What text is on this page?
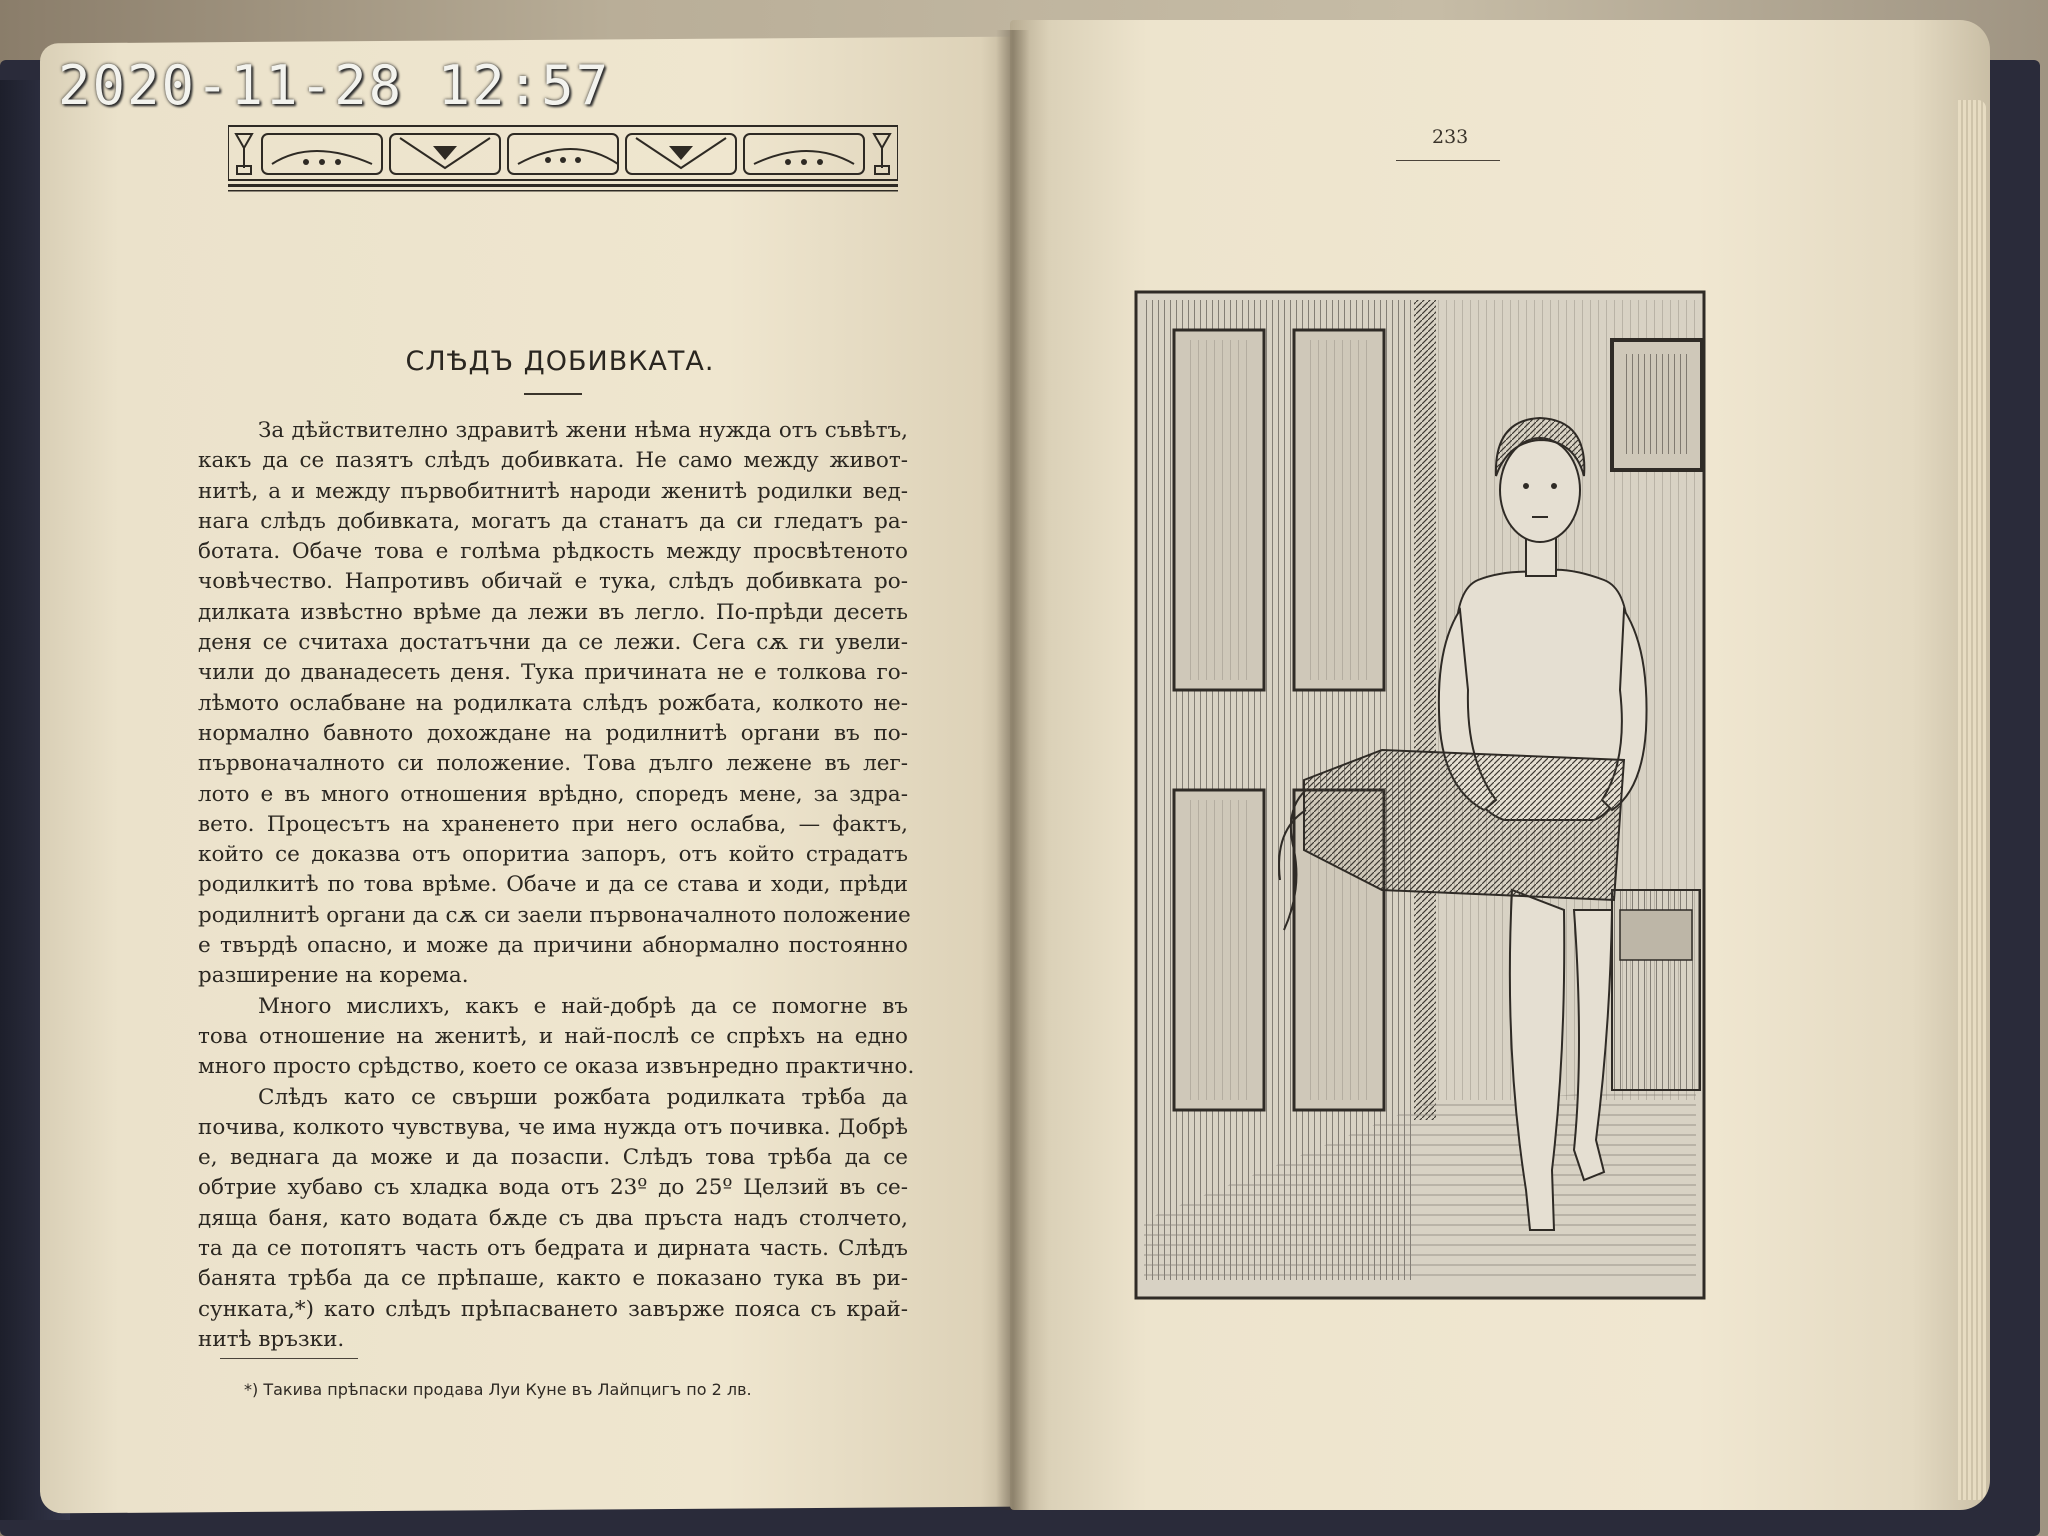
СЛѢДЪ ДОБИВКАТА.
За дѣйствително здравитѣ жени нѣма нужда отъ съвѣтъ,
какъ да се пазятъ слѣдъ добивката. Не само между живот-
нитѣ, а и между първобитнитѣ народи женитѣ родилки вед-
нага слѣдъ добивката, могатъ да станатъ да си гледатъ ра-
ботата. Обаче това е голѣма рѣдкость между просвѣтеното
човѣчество. Напротивъ обичай е тука, слѣдъ добивката ро-
дилката извѣстно врѣме да лежи въ легло. По-прѣди десеть
деня се считаха достатъчни да се лежи. Сега сѫ ги увели-
чили до дванадесеть деня. Тука причината не е толкова го-
лѣмото ослабване на родилката слѣдъ рожбата, колкото не-
нормално бавното дохождане на родилнитѣ органи въ по-
първоначалното си положение. Това дълго лежене въ лег-
лото е въ много отношения врѣдно, споредъ мене, за здра-
вето. Процесътъ на храненето при него ослабва, — фактъ,
който се доказва отъ опоритиа запоръ, отъ който страдатъ
родилкитѣ по това врѣме. Обаче и да се става и ходи, прѣди
родилнитѣ органи да сѫ си заели първоначалното положение
е твърдѣ опасно, и може да причини абнормално постоянно
разширение на корема.
Много мислихъ, какъ е най-добрѣ да се помогне въ
това отношение на женитѣ, и най-послѣ се спрѣхъ на едно
много просто срѣдство, което се оказа извънредно практично.
Слѣдъ като се свърши рожбата родилката трѣба да
почива, колкото чувствува, че има нужда отъ почивка. Добрѣ
е, веднага да може и да позаспи. Слѣдъ това трѣба да се
обтрие хубаво съ хладка вода отъ 23º до 25º Целзий въ се-
дяща баня, като водата бѫде съ два пръста надъ столчето,
та да се потопятъ часть отъ бедрата и дирната часть. Слѣдъ
банята трѣба да се прѣпаше, както е показано тука въ ри-
сунката,*) като слѣдъ прѣпасването завърже пояса съ край-
нитѣ връзки.
*) Такива прѣпаски продава Луи Куне въ Лайпцигъ по 2 лв.
233
2020-11-28 12:57
